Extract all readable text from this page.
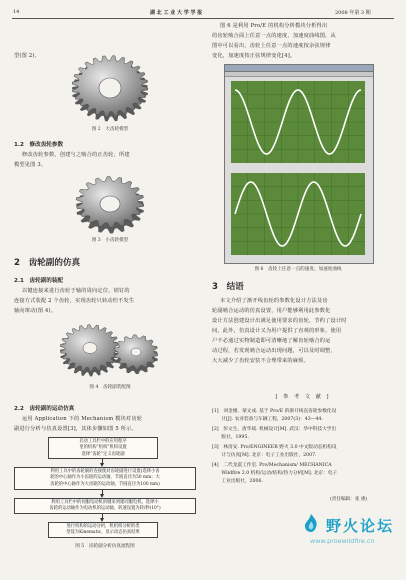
14	湖 北 工 业 大 学 学 报	2008 年第 3 期
型(图 2)。
图 2　大齿轮模型
1.2　修改齿轮参数
修改齿轮参数，创建与之啮合的正齿轮，所建
模型见图 3。
图 3　小齿轮模型
2　齿轮副的仿真
2.1　齿轮副的装配
以键连接来进行齿轮于轴的周向定位，销钉的
连接方式装配 2 个齿轮，实现齿轮只转动但不发生
轴向窜动(图 4)。
图 4　齿轮副装配图
2.2　齿轮副的运动仿真
运用 Application 下的 Mechanism 模块对齿轮
副进行分析与仿真设置[3]，其体步骤如图 5 所示。
启动工具栏中的应用程序
里的机构“机构”机构设置
选择“齿轮”定义齿轮副
利用工具中的齿轮副的连接使对齿轮副进行设置(选择小齿
轮的中心轴作为小齿轮的运动轴，节圆直径为50 mm；大
齿轮的中心轴作为大齿轮的运动轴，节圆直径为100 mm)
利用工具栏中的伺服电动机的键来到建同服电机，选择小
齿轮的运动轴作为电动机的运动轴，转速设置为转/秒(10°)
进行机构的运动分析，机机构分析的类
型设为Kinematic，显示动态仿真结果
图 5　齿轮副分析仿真流程图
图 6 是利用 Pro/E 的机构分析模块分析得出
的齿轮啮合面上任意一点的速度、加速度曲线图，从
图中可以看出，齿轮上任意一点的速度按余弦规律
变化，加速度按正弦规律变化[4]。
图 6　齿轮上任意一点的速度、加速度曲线
3　结语
本文介绍了渐开线齿轮的参数化设计方法及齿
轮副啮合运动的仿真设置，用户能够利用此参数化
设计方法创建设计出满足使用要求的齿轮，节约了设计时
间，此外，仿真设计又为用户提供了直观的形象，使用
户不必通过实物制造即可清晰地了解齿轮啮合的运
动过程，若发现啮合运动出现问题，可以及时调整，
大大减少了齿轮安装不合理带来的麻烦。
[ 参 考 文 献 ]
[1]　刘金刚，蒙文成. 基于 Pro/E 的渐开线直齿轮参数化设
　　计[J]. 农业装备与车辆工程，2007(3)：43—44.
[2]　彭文生，唐华斌. 机械设计[M]. 武汉：华中科技大学出
　　版社，1995.
[3]　林清安. Pro/ENGINEER 野火 3.0 中文版动态机构设
　　计与仿真[M]. 北京：电子工业出版社，2007.
[4]　二代龙震工作室. Pro/Mechanism/ MECHANICA
　　Wildfire 2.0 机构/运动/结构/热力分析[M]. 北京：电子
　　工业出版社，2006.
(责任编辑：张 惠)
野火论坛
www.proewildfire.cn
